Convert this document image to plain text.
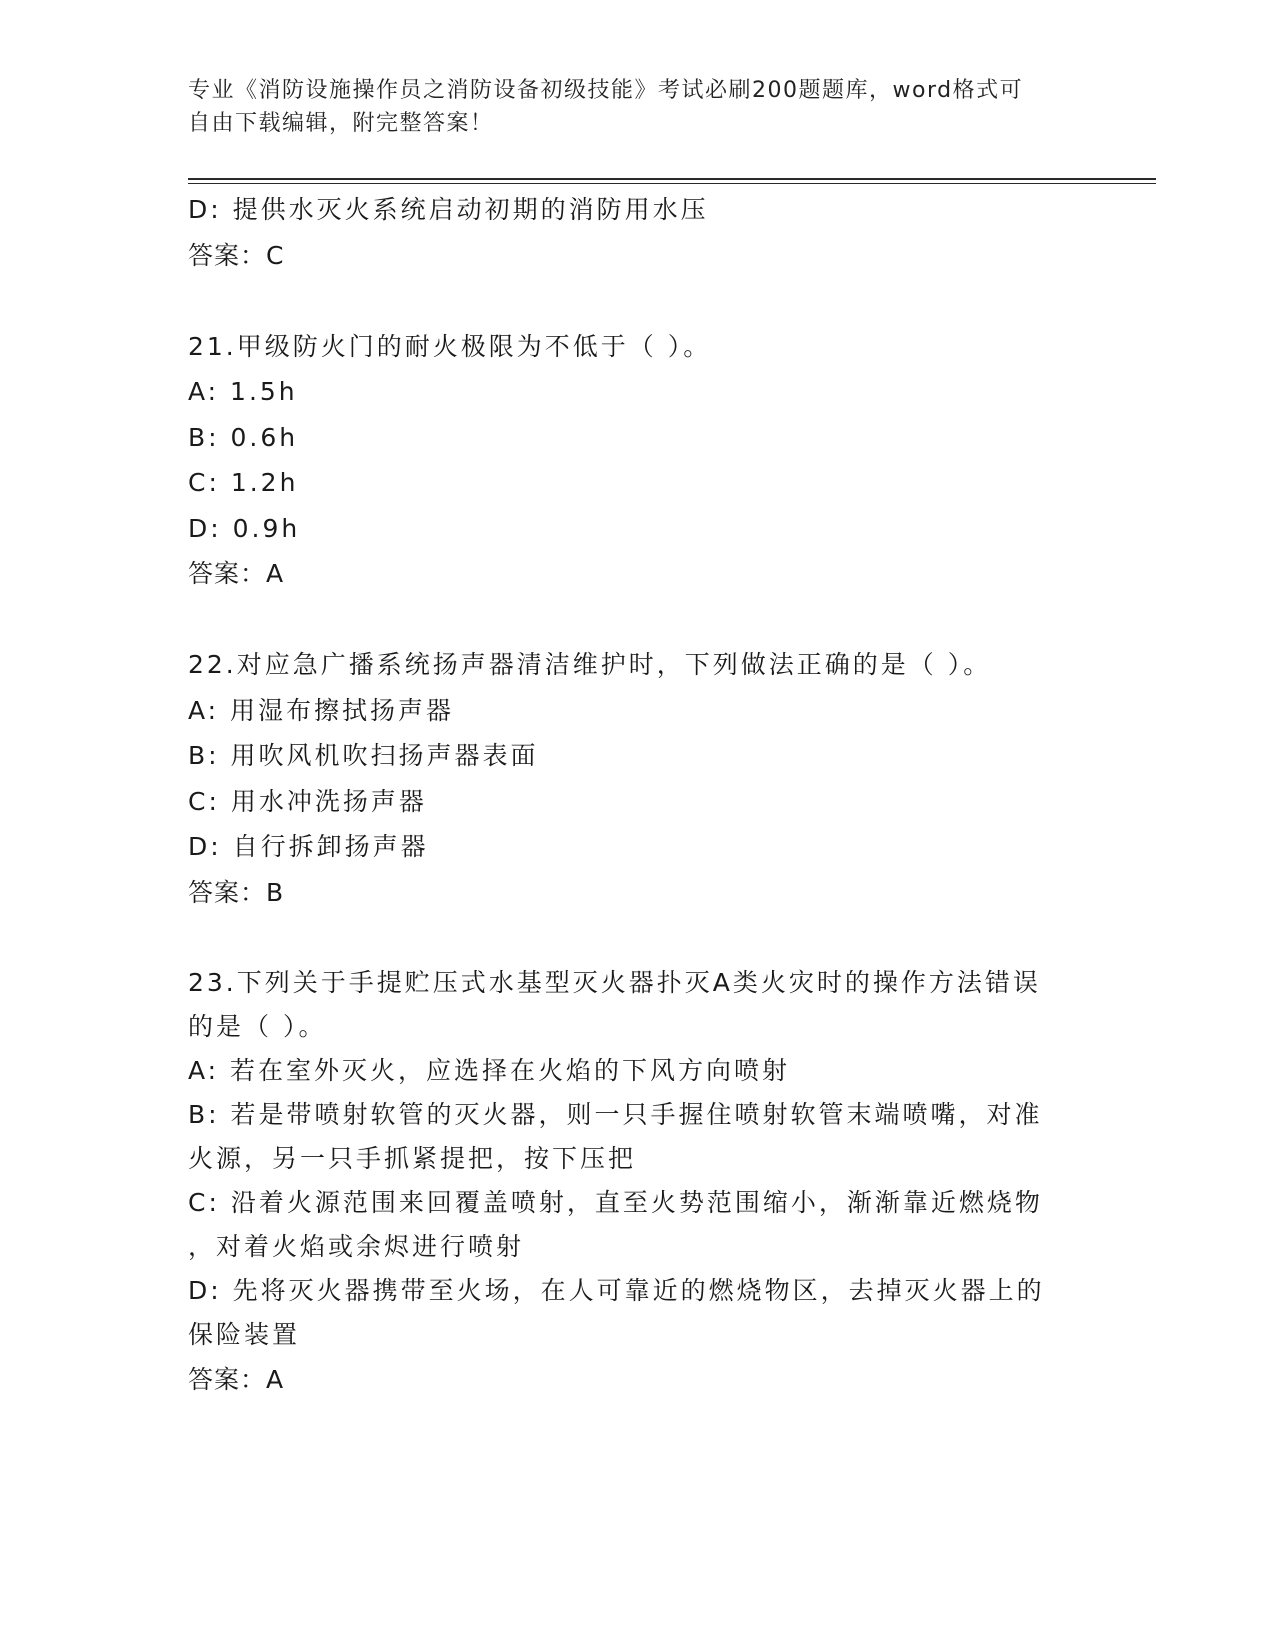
专业《消防设施操作员之消防设备初级技能》考试必刷200题题库，word格式可
自由下载编辑，附完整答案！

D: 提供水灭火系统启动初期的消防用水压

答案：C

21.甲级防火门的耐火极限为不低于（ ）。

A: 1.5h

B: 0.6h

C: 1.2h

D: 0.9h

答案：A

22.对应急广播系统扬声器清洁维护时，下列做法正确的是（ ）。

A: 用湿布擦拭扬声器

B: 用吹风机吹扫扬声器表面

C: 用水冲洗扬声器

D: 自行拆卸扬声器

答案：B

23.下列关于手提贮压式水基型灭火器扑灭A类火灾时的操作方法错误

的是（ ）。

A: 若在室外灭火，应选择在火焰的下风方向喷射

B: 若是带喷射软管的灭火器，则一只手握住喷射软管末端喷嘴，对准

火源，另一只手抓紧提把，按下压把

C: 沿着火源范围来回覆盖喷射，直至火势范围缩小，渐渐靠近燃烧物

，对着火焰或余烬进行喷射

D: 先将灭火器携带至火场，在人可靠近的燃烧物区，去掉灭火器上的

保险装置

答案：A
